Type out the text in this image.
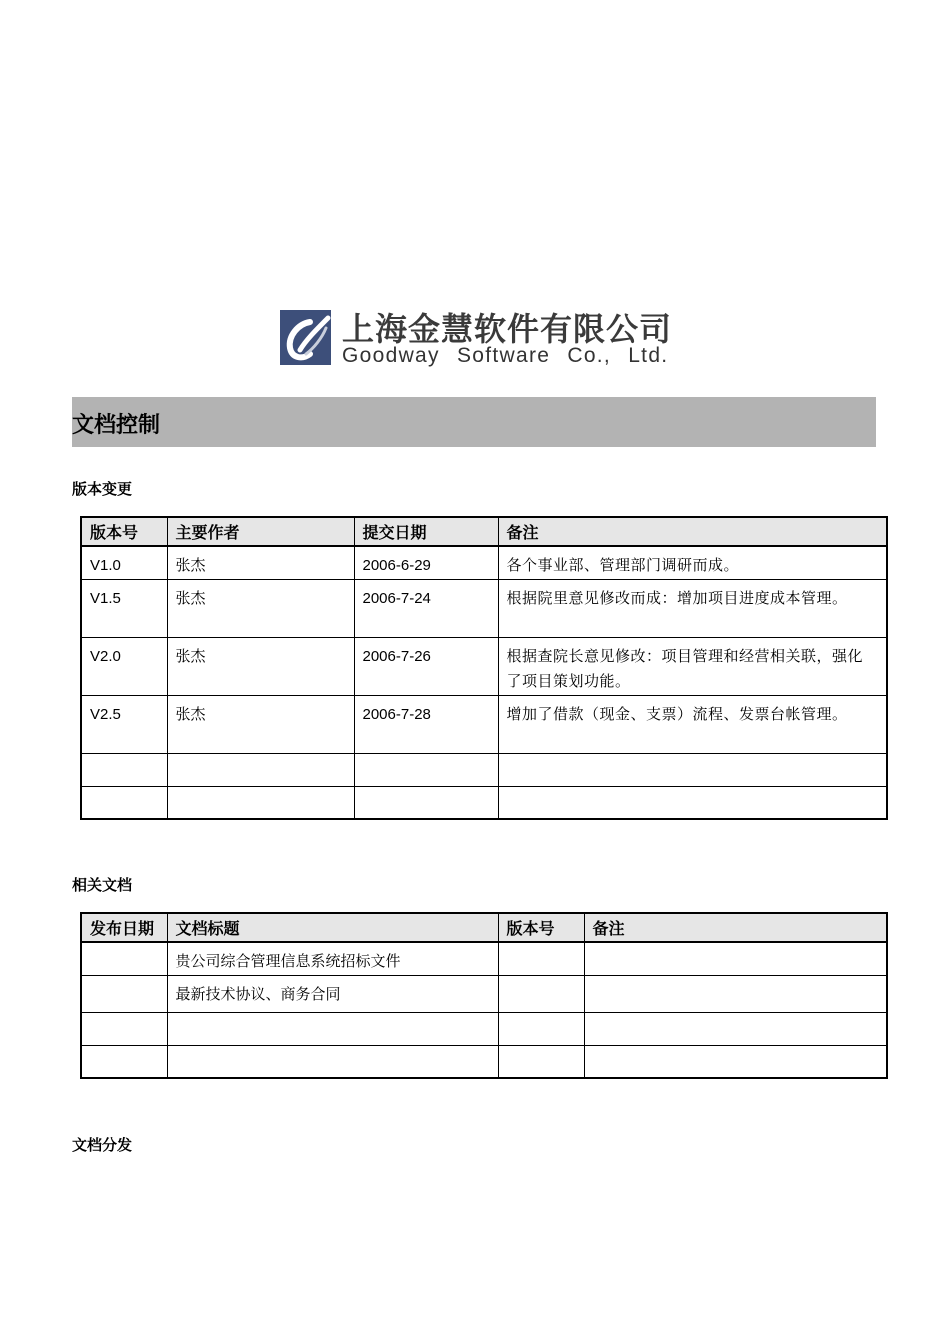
上海金慧软件有限公司
Goodway Software Co., Ltd.
文档控制
版本变更
版本号	主要作者	提交日期	备注
V1.0	张杰	2006-6-29	各个事业部、管理部门调研而成。
V1.5	张杰	2006-7-24	根据院里意见修改而成：增加项目进度成本管理。
V2.0	张杰	2006-7-26	根据查院长意见修改：项目管理和经营相关联，强化了项目策划功能。
V2.5	张杰	2006-7-28	增加了借款（现金、支票）流程、发票台帐管理。

相关文档
发布日期	文档标题	版本号	备注
	贵公司综合管理信息系统招标文件		
	最新技术协议、商务合同		

文档分发
